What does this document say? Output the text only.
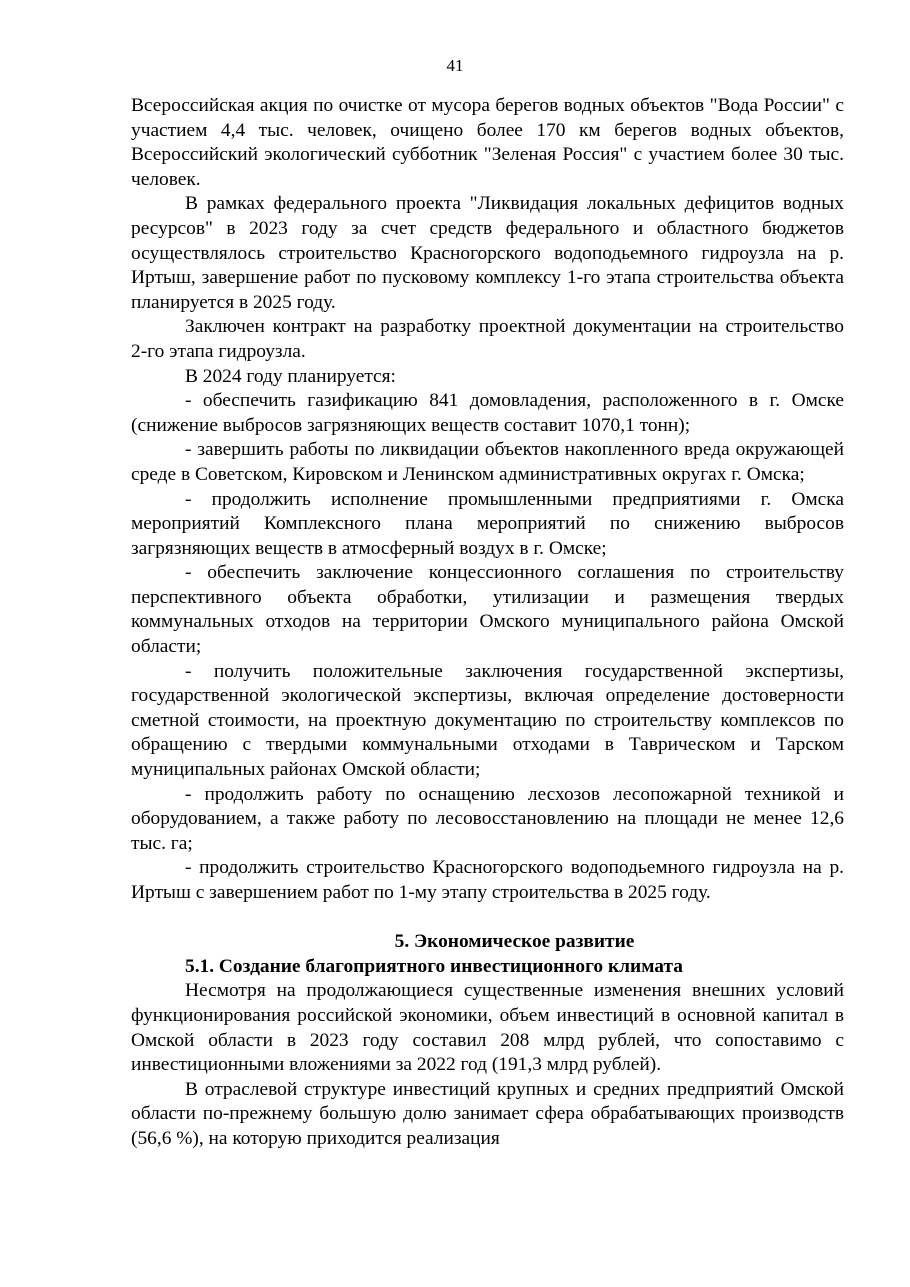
41

Всероссийская акция по очистке от мусора берегов водных объектов "Вода России" с участием 4,4 тыс. человек, очищено более 170 км берегов водных объектов, Всероссийский экологический субботник "Зеленая Россия" с участием более 30 тыс. человек.

В рамках федерального проекта "Ликвидация локальных дефицитов водных ресурсов" в 2023 году за счет средств федерального и областного бюджетов осуществлялось строительство Красногорского водоподьемного гидроузла на р. Иртыш, завершение работ по пусковому комплексу 1-го этапа строительства объекта планируется в 2025 году.

Заключен контракт на разработку проектной документации на строительство 2-го этапа гидроузла.

В 2024 году планируется:

- обеспечить газификацию 841 домовладения, расположенного в г. Омске (снижение выбросов загрязняющих веществ составит 1070,1 тонн);

- завершить работы по ликвидации объектов накопленного вреда окружающей среде в Советском, Кировском и Ленинском административных округах г. Омска;

- продолжить исполнение промышленными предприятиями г. Омска мероприятий Комплексного плана мероприятий по снижению выбросов загрязняющих веществ в атмосферный воздух в г. Омске;

- обеспечить заключение концессионного соглашения по строительству перспективного объекта обработки, утилизации и размещения твердых коммунальных отходов на территории Омского муниципального района Омской области;

- получить положительные заключения государственной экспертизы, государственной экологической экспертизы, включая определение достоверности сметной стоимости, на проектную документацию по строительству комплексов по обращению с твердыми коммунальными отходами в Таврическом и Тарском муниципальных районах Омской области;

- продолжить работу по оснащению лесхозов лесопожарной техникой и оборудованием, а также работу по лесовосстановлению на площади не менее 12,6 тыс. га;

- продолжить строительство Красногорского водоподьемного гидроузла на р. Иртыш с завершением работ по 1-му этапу строительства в 2025 году.

5. Экономическое развитие

5.1. Создание благоприятного инвестиционного климата

Несмотря на продолжающиеся существенные изменения внешних условий функционирования российской экономики, объем инвестиций в основной капитал в Омской области в 2023 году составил 208 млрд рублей, что сопоставимо с инвестиционными вложениями за 2022 год (191,3 млрд рублей).

В отраслевой структуре инвестиций крупных и средних предприятий Омской области по-прежнему большую долю занимает сфера обрабатывающих производств (56,6 %), на которую приходится реализация
